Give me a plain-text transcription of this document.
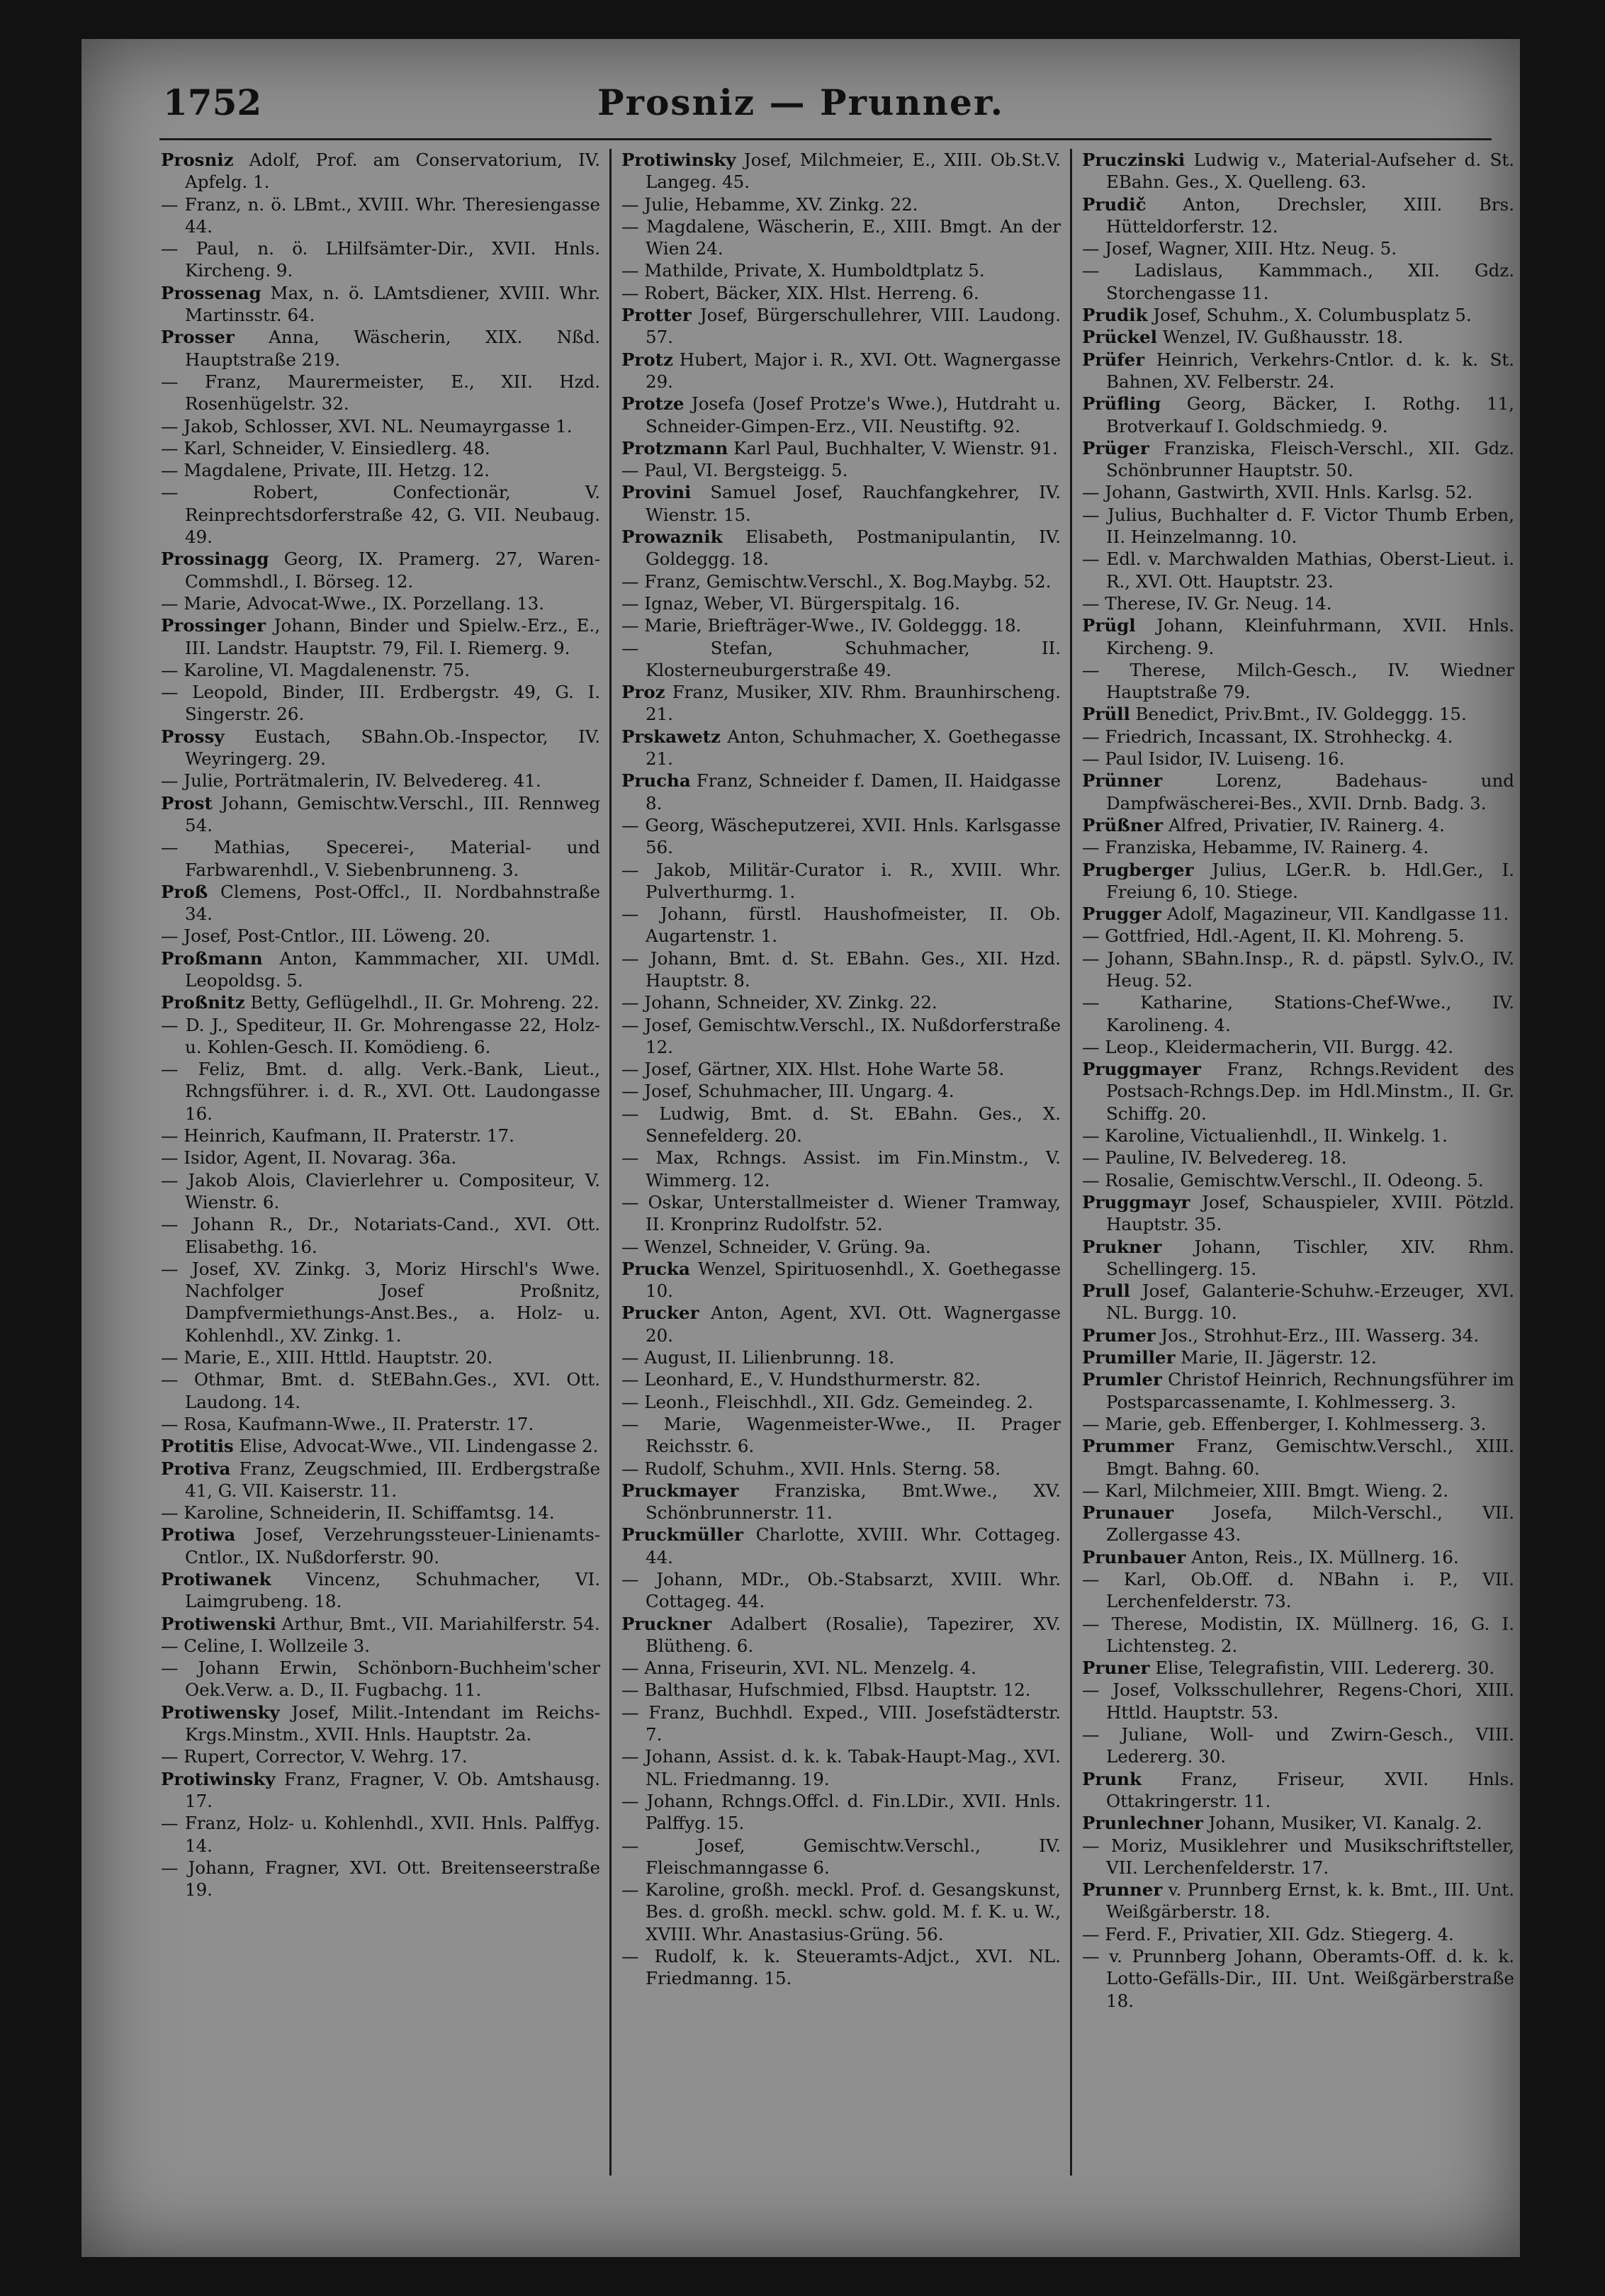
1752	Prosniz — Prunner.

Prosniz Adolf, Prof. am Conservatorium, IV. Apfelg. 1.

— Franz, n. ö. LBmt., XVIII. Whr. Theresiengasse 44.

— Paul, n. ö. LHilfsämter-Dir., XVII. Hnls. Kircheng. 9.

Prossenag Max, n. ö. LAmtsdiener, XVIII. Whr. Martinsstr. 64.

Prosser Anna, Wäscherin, XIX. Nßd. Hauptstraße 219.

— Franz, Maurermeister, E., XII. Hzd. Rosenhügelstr. 32.

— Jakob, Schlosser, XVI. NL. Neumayrgasse 1.

— Karl, Schneider, V. Einsiedlerg. 48.

— Magdalene, Private, III. Hetzg. 12.

— Robert, Confectionär, V. Reinprechtsdorferstraße 42, G. VII. Neubaug. 49.

Prossinagg Georg, IX. Pramerg. 27, Waren-Commshdl., I. Börseg. 12.

— Marie, Advocat-Wwe., IX. Porzellang. 13.

Prossinger Johann, Binder und Spielw.-Erz., E., III. Landstr. Hauptstr. 79, Fil. I. Riemerg. 9.

— Karoline, VI. Magdalenenstr. 75.

— Leopold, Binder, III. Erdbergstr. 49, G. I. Singerstr. 26.

Prossy Eustach, SBahn.Ob.-Inspector, IV. Weyringerg. 29.

— Julie, Porträtmalerin, IV. Belvedereg. 41.

Prost Johann, Gemischtw.Verschl., III. Rennweg 54.

— Mathias, Specerei-, Material- und Farbwarenhdl., V. Siebenbrunneng. 3.

Proß Clemens, Post-Offcl., II. Nordbahnstraße 34.

— Josef, Post-Cntlor., III. Löweng. 20.

Proßmann Anton, Kammmacher, XII. UMdl. Leopoldsg. 5.

Proßnitz Betty, Geflügelhdl., II. Gr. Mohreng. 22.

— D. J., Spediteur, II. Gr. Mohrengasse 22, Holz- u. Kohlen-Gesch. II. Komödieng. 6.

— Feliz, Bmt. d. allg. Verk.-Bank, Lieut., Rchngsführer. i. d. R., XVI. Ott. Laudongasse 16.

— Heinrich, Kaufmann, II. Praterstr. 17.

— Isidor, Agent, II. Novarag. 36a.

— Jakob Alois, Clavierlehrer u. Compositeur, V. Wienstr. 6.

— Johann R., Dr., Notariats-Cand., XVI. Ott. Elisabethg. 16.

— Josef, XV. Zinkg. 3, Moriz Hirschl's Wwe. Nachfolger Josef Proßnitz, Dampfvermiethungs-Anst.Bes., a. Holz- u. Kohlenhdl., XV. Zinkg. 1.

— Marie, E., XIII. Httld. Hauptstr. 20.

— Othmar, Bmt. d. StEBahn.Ges., XVI. Ott. Laudong. 14.

— Rosa, Kaufmann-Wwe., II. Praterstr. 17.

Protitis Elise, Advocat-Wwe., VII. Lindengasse 2.

Protiva Franz, Zeugschmied, III. Erdbergstraße 41, G. VII. Kaiserstr. 11.

— Karoline, Schneiderin, II. Schiffamtsg. 14.

Protiwa Josef, Verzehrungssteuer-Linienamts-Cntlor., IX. Nußdorferstr. 90.

Protiwanek Vincenz, Schuhmacher, VI. Laimgrubeng. 18.

Protiwenski Arthur, Bmt., VII. Mariahilferstr. 54.

— Celine, I. Wollzeile 3.

— Johann Erwin, Schönborn-Buchheim'scher Oek.Verw. a. D., II. Fugbachg. 11.

Protiwensky Josef, Milit.-Intendant im Reichs-Krgs.Minstm., XVII. Hnls. Hauptstr. 2a.

— Rupert, Corrector, V. Wehrg. 17.

Protiwinsky Franz, Fragner, V. Ob. Amtshausg. 17.

— Franz, Holz- u. Kohlenhdl., XVII. Hnls. Palffyg. 14.

— Johann, Fragner, XVI. Ott. Breitenseerstraße 19.

Protiwinsky Josef, Milchmeier, E., XIII. Ob.St.V. Langeg. 45.

— Julie, Hebamme, XV. Zinkg. 22.

— Magdalene, Wäscherin, E., XIII. Bmgt. An der Wien 24.

— Mathilde, Private, X. Humboldtplatz 5.

— Robert, Bäcker, XIX. Hlst. Herreng. 6.

Protter Josef, Bürgerschullehrer, VIII. Laudong. 57.

Protz Hubert, Major i. R., XVI. Ott. Wagnergasse 29.

Protze Josefa (Josef Protze's Wwe.), Hutdraht u. Schneider-Gimpen-Erz., VII. Neustiftg. 92.

Protzmann Karl Paul, Buchhalter, V. Wienstr. 91.

— Paul, VI. Bergsteigg. 5.

Provini Samuel Josef, Rauchfangkehrer, IV. Wienstr. 15.

Prowaznik Elisabeth, Postmanipulantin, IV. Goldeggg. 18.

— Franz, Gemischtw.Verschl., X. Bog.Maybg. 52.

— Ignaz, Weber, VI. Bürgerspitalg. 16.

— Marie, Briefträger-Wwe., IV. Goldeggg. 18.

— Stefan, Schuhmacher, II. Klosterneuburgerstraße 49.

Proz Franz, Musiker, XIV. Rhm. Braunhirscheng. 21.

Prskawetz Anton, Schuhmacher, X. Goethegasse 21.

Prucha Franz, Schneider f. Damen, II. Haidgasse 8.

— Georg, Wäscheputzerei, XVII. Hnls. Karlsgasse 56.

— Jakob, Militär-Curator i. R., XVIII. Whr. Pulverthurmg. 1.

— Johann, fürstl. Haushofmeister, II. Ob. Augartenstr. 1.

— Johann, Bmt. d. St. EBahn. Ges., XII. Hzd. Hauptstr. 8.

— Johann, Schneider, XV. Zinkg. 22.

— Josef, Gemischtw.Verschl., IX. Nußdorferstraße 12.

— Josef, Gärtner, XIX. Hlst. Hohe Warte 58.

— Josef, Schuhmacher, III. Ungarg. 4.

— Ludwig, Bmt. d. St. EBahn. Ges., X. Sennefelderg. 20.

— Max, Rchngs. Assist. im Fin.Minstm., V. Wimmerg. 12.

— Oskar, Unterstallmeister d. Wiener Tramway, II. Kronprinz Rudolfstr. 52.

— Wenzel, Schneider, V. Grüng. 9a.

Prucka Wenzel, Spirituosenhdl., X. Goethegasse 10.

Prucker Anton, Agent, XVI. Ott. Wagnergasse 20.

— August, II. Lilienbrunng. 18.

— Leonhard, E., V. Hundsthurmerstr. 82.

— Leonh., Fleischhdl., XII. Gdz. Gemeindeg. 2.

— Marie, Wagenmeister-Wwe., II. Prager Reichsstr. 6.

— Rudolf, Schuhm., XVII. Hnls. Sterng. 58.

Pruckmayer Franziska, Bmt.Wwe., XV. Schönbrunnerstr. 11.

Pruckmüller Charlotte, XVIII. Whr. Cottageg. 44.

— Johann, MDr., Ob.-Stabsarzt, XVIII. Whr. Cottageg. 44.

Pruckner Adalbert (Rosalie), Tapezirer, XV. Blütheng. 6.

— Anna, Friseurin, XVI. NL. Menzelg. 4.

— Balthasar, Hufschmied, Flbsd. Hauptstr. 12.

— Franz, Buchhdl. Exped., VIII. Josefstädterstr. 7.

— Johann, Assist. d. k. k. Tabak-Haupt-Mag., XVI. NL. Friedmanng. 19.

— Johann, Rchngs.Offcl. d. Fin.LDir., XVII. Hnls. Palffyg. 15.

— Josef, Gemischtw.Verschl., IV. Fleischmanngasse 6.

— Karoline, großh. meckl. Prof. d. Gesangskunst, Bes. d. großh. meckl. schw. gold. M. f. K. u. W., XVIII. Whr. Anastasius-Grüng. 56.

— Rudolf, k. k. Steueramts-Adjct., XVI. NL. Friedmanng. 15.

Pruczinski Ludwig v., Material-Aufseher d. St. EBahn. Ges., X. Quelleng. 63.

Prudič Anton, Drechsler, XIII. Brs. Hütteldorferstr. 12.

— Josef, Wagner, XIII. Htz. Neug. 5.

— Ladislaus, Kammmach., XII. Gdz. Storchengasse 11.

Prudik Josef, Schuhm., X. Columbusplatz 5.

Prückel Wenzel, IV. Gußhausstr. 18.

Prüfer Heinrich, Verkehrs-Cntlor. d. k. k. St. Bahnen, XV. Felberstr. 24.

Prüfling Georg, Bäcker, I. Rothg. 11, Brotverkauf I. Goldschmiedg. 9.

Prüger Franziska, Fleisch-Verschl., XII. Gdz. Schönbrunner Hauptstr. 50.

— Johann, Gastwirth, XVII. Hnls. Karlsg. 52.

— Julius, Buchhalter d. F. Victor Thumb Erben, II. Heinzelmanng. 10.

— Edl. v. Marchwalden Mathias, Oberst-Lieut. i. R., XVI. Ott. Hauptstr. 23.

— Therese, IV. Gr. Neug. 14.

Prügl Johann, Kleinfuhrmann, XVII. Hnls. Kircheng. 9.

— Therese, Milch-Gesch., IV. Wiedner Hauptstraße 79.

Prüll Benedict, Priv.Bmt., IV. Goldeggg. 15.

— Friedrich, Incassant, IX. Strohheckg. 4.

— Paul Isidor, IV. Luiseng. 16.

Prünner Lorenz, Badehaus- und Dampfwäscherei-Bes., XVII. Drnb. Badg. 3.

Prüßner Alfred, Privatier, IV. Rainerg. 4.

— Franziska, Hebamme, IV. Rainerg. 4.

Prugberger Julius, LGer.R. b. Hdl.Ger., I. Freiung 6, 10. Stiege.

Prugger Adolf, Magazineur, VII. Kandlgasse 11.

— Gottfried, Hdl.-Agent, II. Kl. Mohreng. 5.

— Johann, SBahn.Insp., R. d. päpstl. Sylv.O., IV. Heug. 52.

— Katharine, Stations-Chef-Wwe., IV. Karolineng. 4.

— Leop., Kleidermacherin, VII. Burgg. 42.

Pruggmayer Franz, Rchngs.Revident des Postsach-Rchngs.Dep. im Hdl.Minstm., II. Gr. Schiffg. 20.

— Karoline, Victualienhdl., II. Winkelg. 1.

— Pauline, IV. Belvedereg. 18.

— Rosalie, Gemischtw.Verschl., II. Odeong. 5.

Pruggmayr Josef, Schauspieler, XVIII. Pötzld. Hauptstr. 35.

Prukner Johann, Tischler, XIV. Rhm. Schellingerg. 15.

Prull Josef, Galanterie-Schuhw.-Erzeuger, XVI. NL. Burgg. 10.

Prumer Jos., Strohhut-Erz., III. Wasserg. 34.

Prumiller Marie, II. Jägerstr. 12.

Prumler Christof Heinrich, Rechnungsführer im Postsparcassenamte, I. Kohlmesserg. 3.

— Marie, geb. Effenberger, I. Kohlmesserg. 3.

Prummer Franz, Gemischtw.Verschl., XIII. Bmgt. Bahng. 60.

— Karl, Milchmeier, XIII. Bmgt. Wieng. 2.

Prunauer Josefa, Milch-Verschl., VII. Zollergasse 43.

Prunbauer Anton, Reis., IX. Müllnerg. 16.

— Karl, Ob.Off. d. NBahn i. P., VII. Lerchenfelderstr. 73.

— Therese, Modistin, IX. Müllnerg. 16, G. I. Lichtensteg. 2.

Pruner Elise, Telegrafistin, VIII. Ledererg. 30.

— Josef, Volksschullehrer, Regens-Chori, XIII. Httld. Hauptstr. 53.

— Juliane, Woll- und Zwirn-Gesch., VIII. Ledererg. 30.

Prunk Franz, Friseur, XVII. Hnls. Ottakringerstr. 11.

Prunlechner Johann, Musiker, VI. Kanalg. 2.

— Moriz, Musiklehrer und Musikschriftsteller, VII. Lerchenfelderstr. 17.

Prunner v. Prunnberg Ernst, k. k. Bmt., III. Unt. Weißgärberstr. 18.

— Ferd. F., Privatier, XII. Gdz. Stiegerg. 4.

— v. Prunnberg Johann, Oberamts-Off. d. k. k. Lotto-Gefälls-Dir., III. Unt. Weißgärberstraße 18.
